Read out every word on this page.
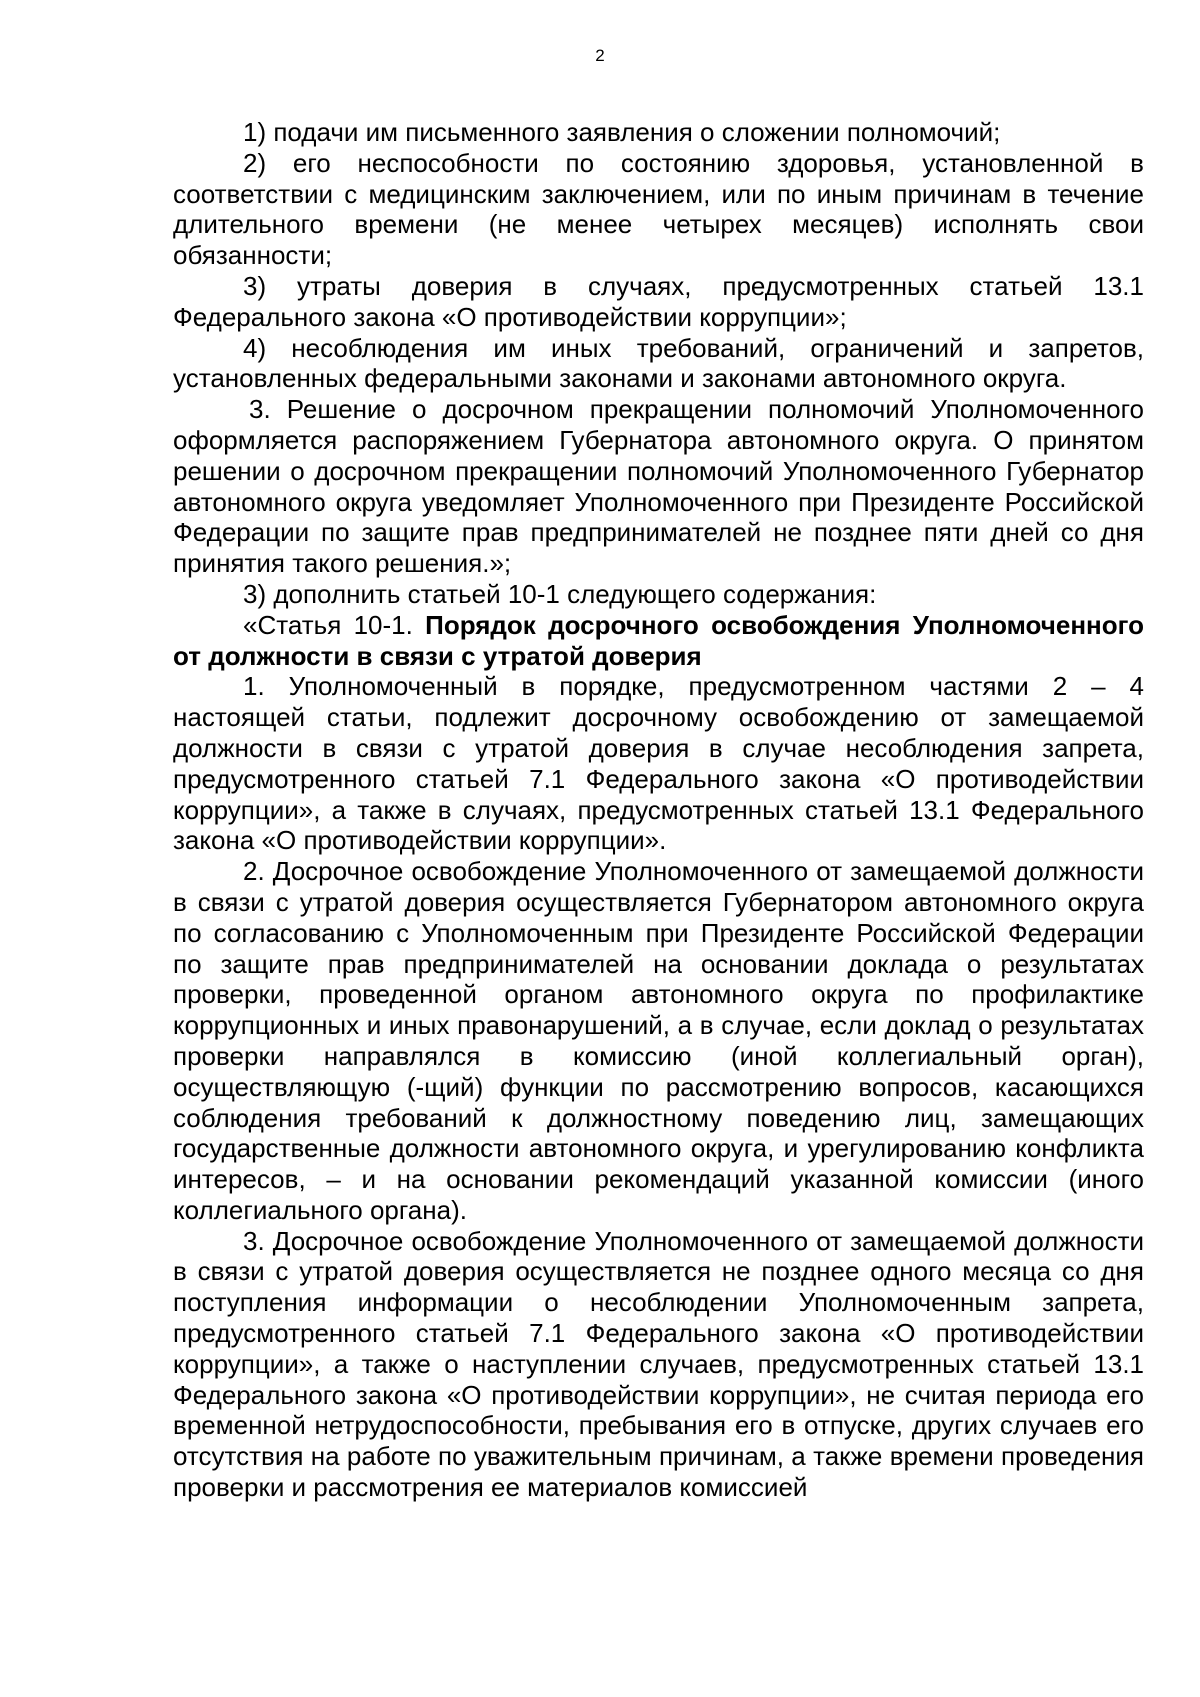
2

1) подачи им письменного заявления о сложении полномочий;

2) его неспособности по состоянию здоровья, установленной в соответствии с медицинским заключением, или по иным причинам в течение длительного времени (не менее четырех месяцев) исполнять свои обязанности;

3) утраты доверия в случаях, предусмотренных статьей 13.1 Федерального закона «О противодействии коррупции»;

4) несоблюдения им иных требований, ограничений и запретов, установленных федеральными законами и законами автономного округа.

3. Решение о досрочном прекращении полномочий Уполномоченного оформляется распоряжением Губернатора автономного округа. О принятом решении о досрочном прекращении полномочий Уполномоченного Губернатор автономного округа уведомляет Уполномоченного при Президенте Российской Федерации по защите прав предпринимателей не позднее пяти дней со дня принятия такого решения.»;

3) дополнить статьей 10-1 следующего содержания:

«Статья 10-1. Порядок досрочного освобождения Уполномоченного от должности в связи с утратой доверия

1. Уполномоченный в порядке, предусмотренном частями 2 – 4 настоящей статьи, подлежит досрочному освобождению от замещаемой должности в связи с утратой доверия в случае несоблюдения запрета, предусмотренного статьей 7.1 Федерального закона «О противодействии коррупции», а также в случаях, предусмотренных статьей 13.1 Федерального закона «О противодействии коррупции».

2. Досрочное освобождение Уполномоченного от замещаемой должности в связи с утратой доверия осуществляется Губернатором автономного округа по согласованию с Уполномоченным при Президенте Российской Федерации по защите прав предпринимателей на основании доклада о результатах проверки, проведенной органом автономного округа по профилактике коррупционных и иных правонарушений, а в случае, если доклад о результатах проверки направлялся в комиссию (иной коллегиальный орган), осуществляющую (-щий) функции по рассмотрению вопросов, касающихся соблюдения требований к должностному поведению лиц, замещающих государственные должности автономного округа, и урегулированию конфликта интересов, – и на основании рекомендаций указанной комиссии (иного коллегиального органа).

3. Досрочное освобождение Уполномоченного от замещаемой должности в связи с утратой доверия осуществляется не позднее одного месяца со дня поступления информации о несоблюдении Уполномоченным запрета, предусмотренного статьей 7.1 Федерального закона «О противодействии коррупции», а также о наступлении случаев, предусмотренных статьей 13.1 Федерального закона «О противодействии коррупции», не считая периода его временной нетрудоспособности, пребывания его в отпуске, других случаев его отсутствия на работе по уважительным причинам, а также времени проведения проверки и рассмотрения ее материалов комиссией
